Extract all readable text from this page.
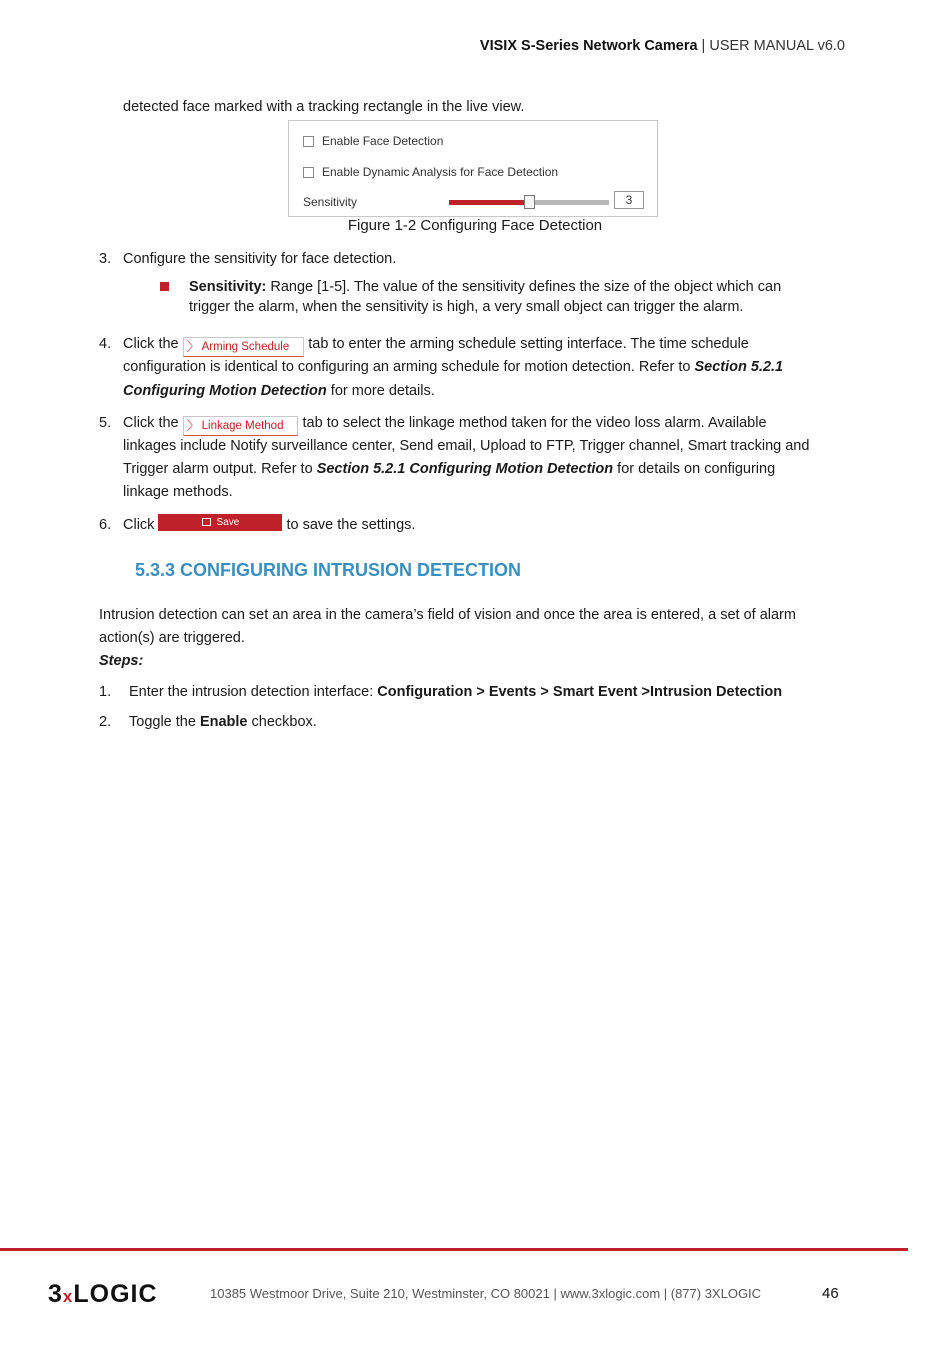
VISIX S-Series Network Camera | USER MANUAL v6.0
detected face marked with a tracking rectangle in the live view.
Enable Face Detection
Enable Dynamic Analysis for Face Detection
Sensitivity	3
Figure 1-2 Configuring Face Detection
3. Configure the sensitivity for face detection.
Sensitivity: Range [1-5]. The value of the sensitivity defines the size of the object which can
trigger the alarm, when the sensitivity is high, a very small object can trigger the alarm.
4. Click the 〉 Arming Schedule tab to enter the arming schedule setting interface. The time schedule
configuration is identical to configuring an arming schedule for motion detection. Refer to Section 5.2.1
Configuring Motion Detection for more details.
5. Click the 〉 Linkage Method tab to select the linkage method taken for the video loss alarm. Available
linkages include Notify surveillance center, Send email, Upload to FTP, Trigger channel, Smart tracking and
Trigger alarm output. Refer to Section 5.2.1 Configuring Motion Detection for details on configuring
linkage methods.
6. Click	Save	to save the settings.
5.3.3 CONFIGURING INTRUSION DETECTION
Intrusion detection can set an area in the camera’s field of vision and once the area is entered, a set of alarm
action(s) are triggered.
Steps:
1. Enter the intrusion detection interface: Configuration > Events > Smart Event >Intrusion Detection
2. Toggle the Enable checkbox.
3xLOGIC	10385 Westmoor Drive, Suite 210, Westminster, CO 80021 | www.3xlogic.com | (877) 3XLOGIC	46
